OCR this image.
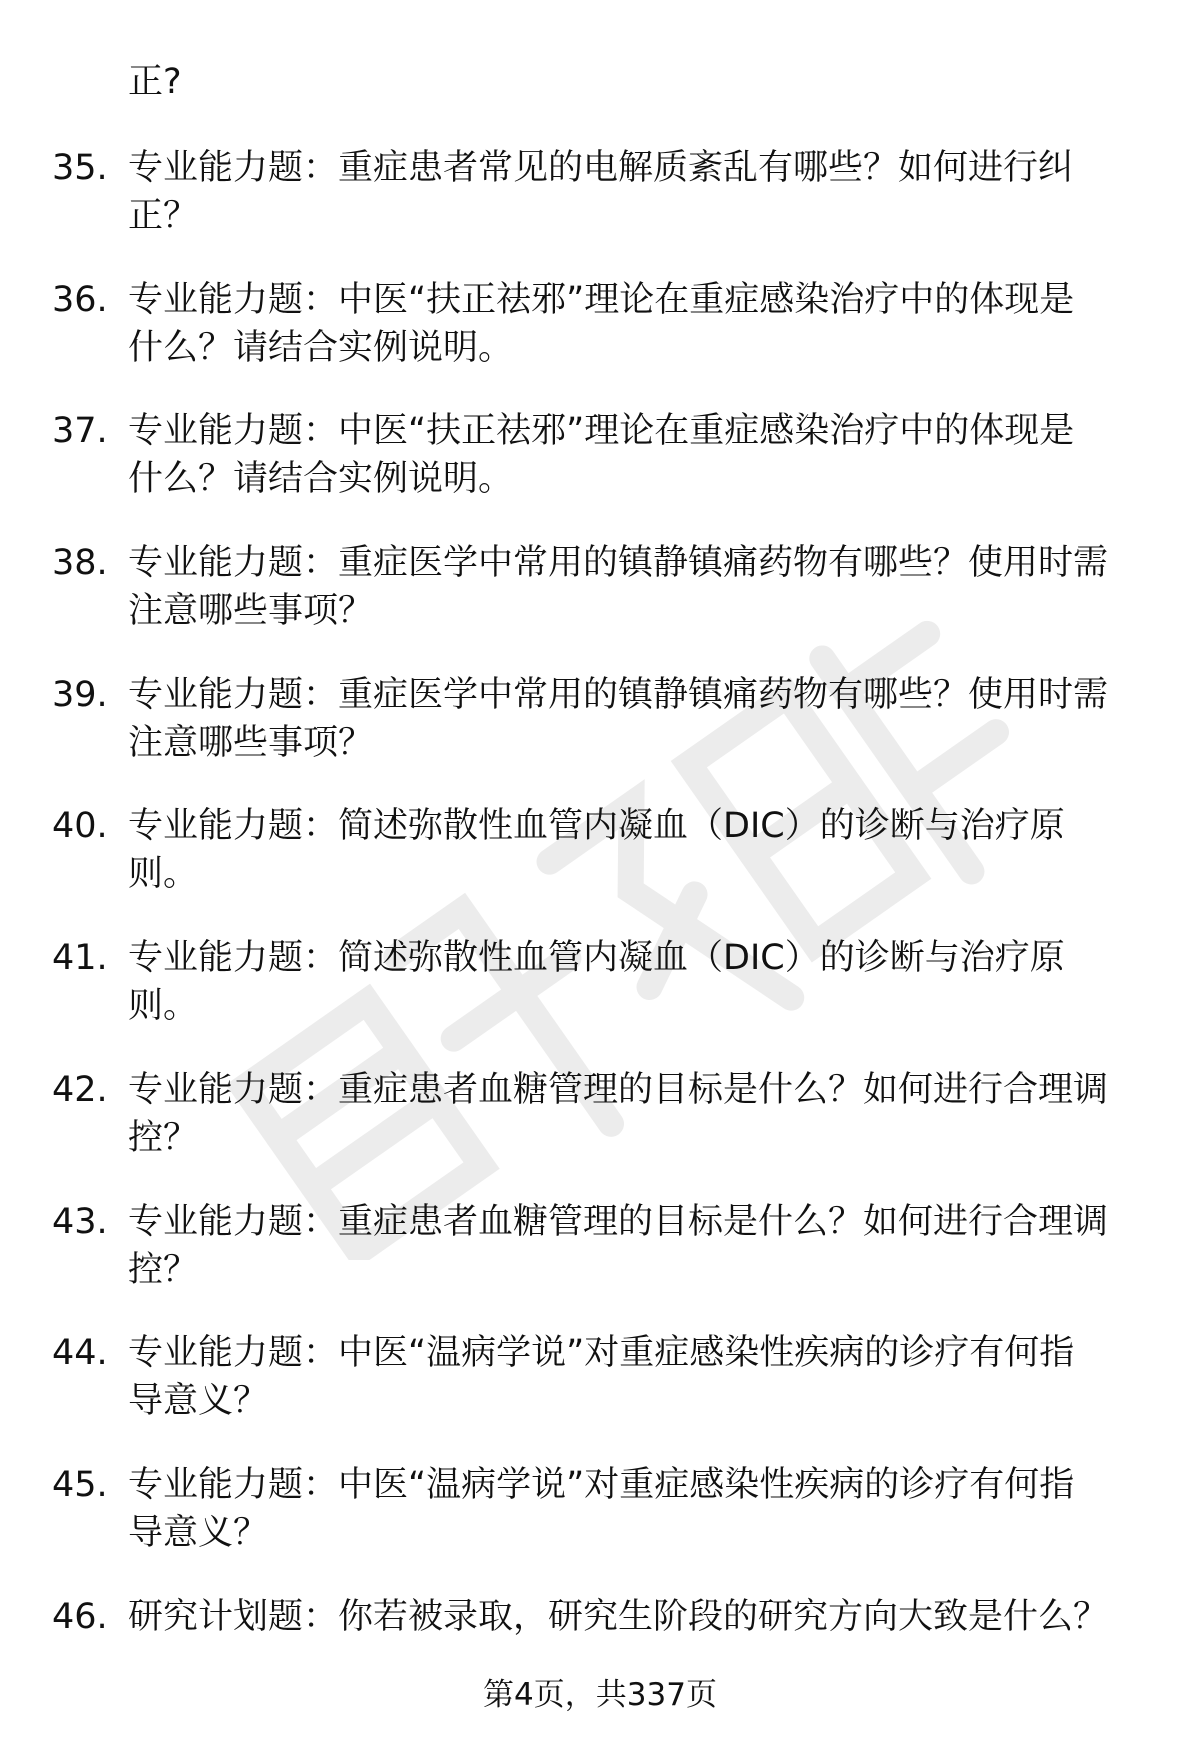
正?

35. 专业能力题：重症患者常见的电解质紊乱有哪些？如何进行纠
正？
36. 专业能力题：中医“扶正祛邪”理论在重症感染治疗中的体现是
什么？请结合实例说明。
37. 专业能力题：中医“扶正祛邪”理论在重症感染治疗中的体现是
什么？请结合实例说明。
38. 专业能力题：重症医学中常用的镇静镇痛药物有哪些？使用时需
注意哪些事项？
39. 专业能力题：重症医学中常用的镇静镇痛药物有哪些？使用时需
注意哪些事项？
40. 专业能力题：简述弥散性血管内凝血（DIC）的诊断与治疗原
则。
41. 专业能力题：简述弥散性血管内凝血（DIC）的诊断与治疗原
则。
42. 专业能力题：重症患者血糖管理的目标是什么？如何进行合理调
控？
43. 专业能力题：重症患者血糖管理的目标是什么？如何进行合理调
控？
44. 专业能力题：中医“温病学说”对重症感染性疾病的诊疗有何指
导意义？
45. 专业能力题：中医“温病学说”对重症感染性疾病的诊疗有何指
导意义？
46. 研究计划题：你若被录取，研究生阶段的研究方向大致是什么？

第4页，共337页
